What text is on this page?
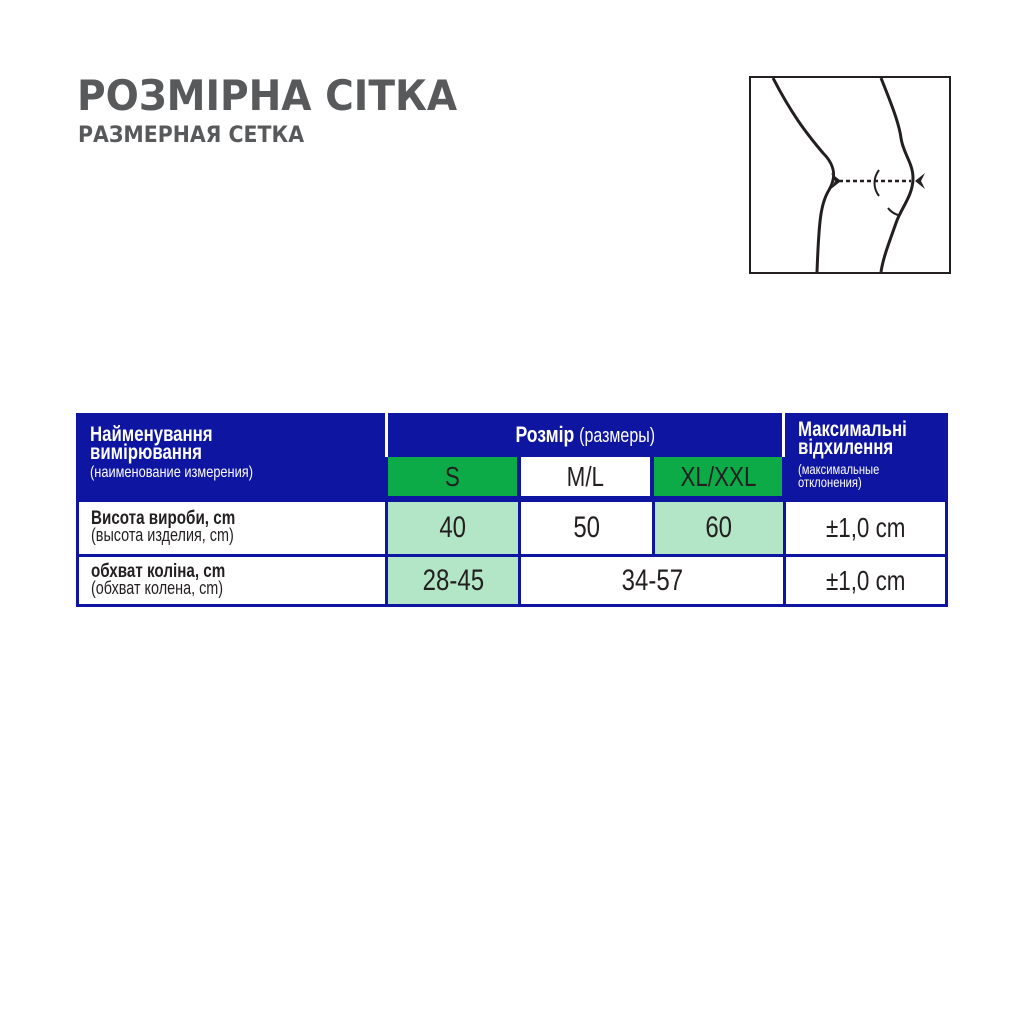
РОЗМІРНА СІТКА
РАЗМЕРНАЯ СЕТКА
Найменування
вимірювання
(наименование измерения)
Розмір (размеры)
S	M/L	XL/XXL
Максимальні
відхилення
(максимальные
отклонения)
Висота вироби, cm
(высота изделия, cm)	40	50	60	±1,0 cm
обхват коліна, cm
(обхват колена, cm)	28-45	34-57	±1,0 cm
